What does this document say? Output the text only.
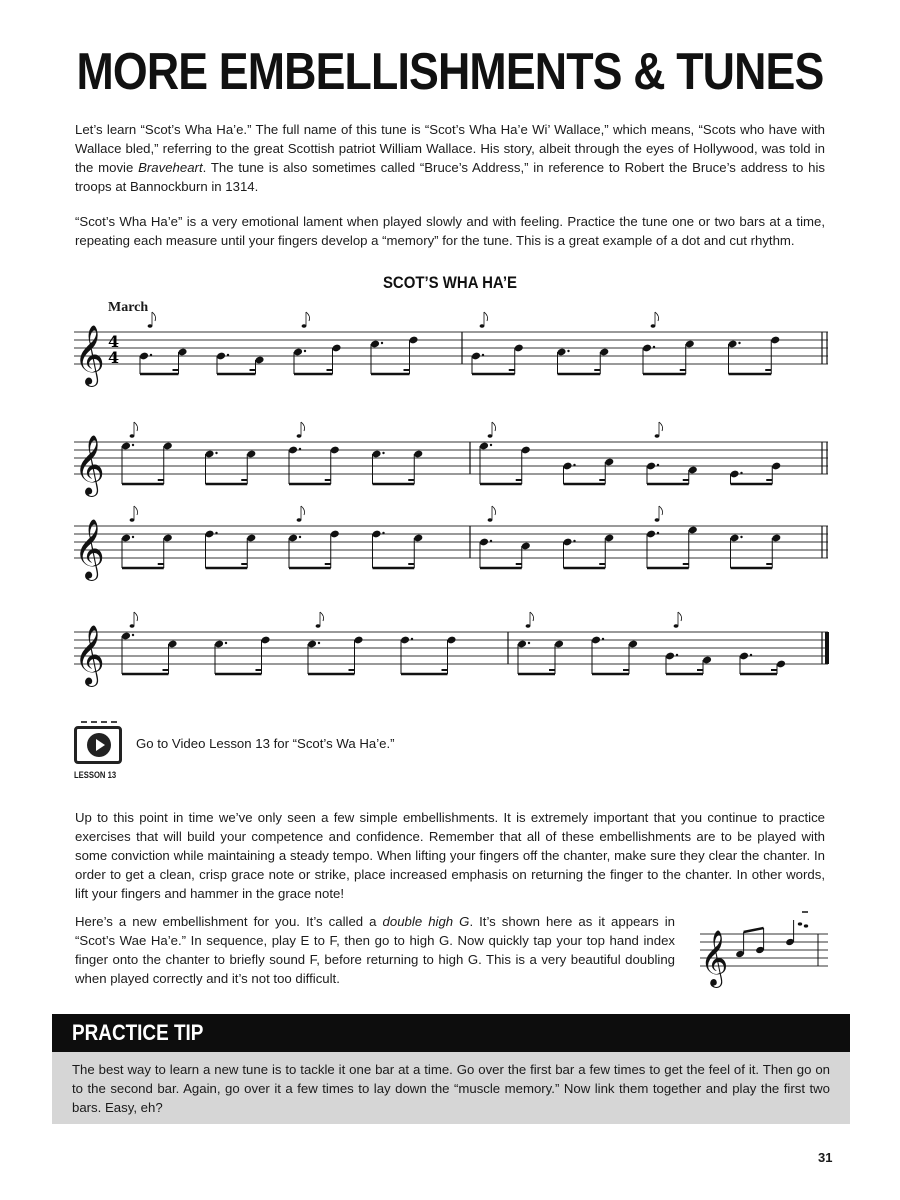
MORE EMBELLISHMENTS & TUNES

Let’s learn “Scot’s Wha Ha’e.” The full name of this tune is “Scot’s Wha Ha’e Wi’ Wallace,” which means, “Scots who have with Wallace bled,” referring to the great Scottish patriot William Wallace. His story, albeit through the eyes of Hollywood, was told in the movie Braveheart. The tune is also sometimes called “Bruce’s Address,” in reference to Robert the Bruce’s address to his troops at Bannockburn in 1314.

“Scot’s Wha Ha’e” is a very emotional lament when played slowly and with feeling. Practice the tune one or two bars at a time, repeating each measure until your fingers develop a “memory” for the tune. This is a great example of a dot and cut rhythm.

SCOT’S WHA HA’E
March
𝄞 4
4
𝄞
𝄞
𝄞
LESSON 13
Go to Video Lesson 13 for “Scot’s Wa Ha’e.”

Up to this point in time we’ve only seen a few simple embellishments. It is extremely important that you continue to practice exercises that will build your competence and confidence. Remember that all of these embellishments are to be played with some conviction while maintaining a steady tempo. When lifting your fingers off the chanter, make sure they clear the chanter. In order to get a clean, crisp grace note or strike, place increased emphasis on returning the finger to the chanter. In other words, lift your fingers and hammer in the grace note!

Here’s a new embellishment for you. It’s called a double high G. It’s shown here as it appears in “Scot’s Wae Ha’e.” In sequence, play E to F, then go to high G. Now quickly tap your top hand index finger onto the chanter to briefly sound F, before returning to high G. This is a very beautiful doubling when played correctly and it’s not too difficult.	𝄞
PRACTICE TIP
The best way to learn a new tune is to tackle it one bar at a time. Go over the first bar a few times to get the feel of it. Then go on to the second bar. Again, go over it a few times to lay down the “muscle memory.” Now link them together and play the first two bars. Easy, eh?
31
